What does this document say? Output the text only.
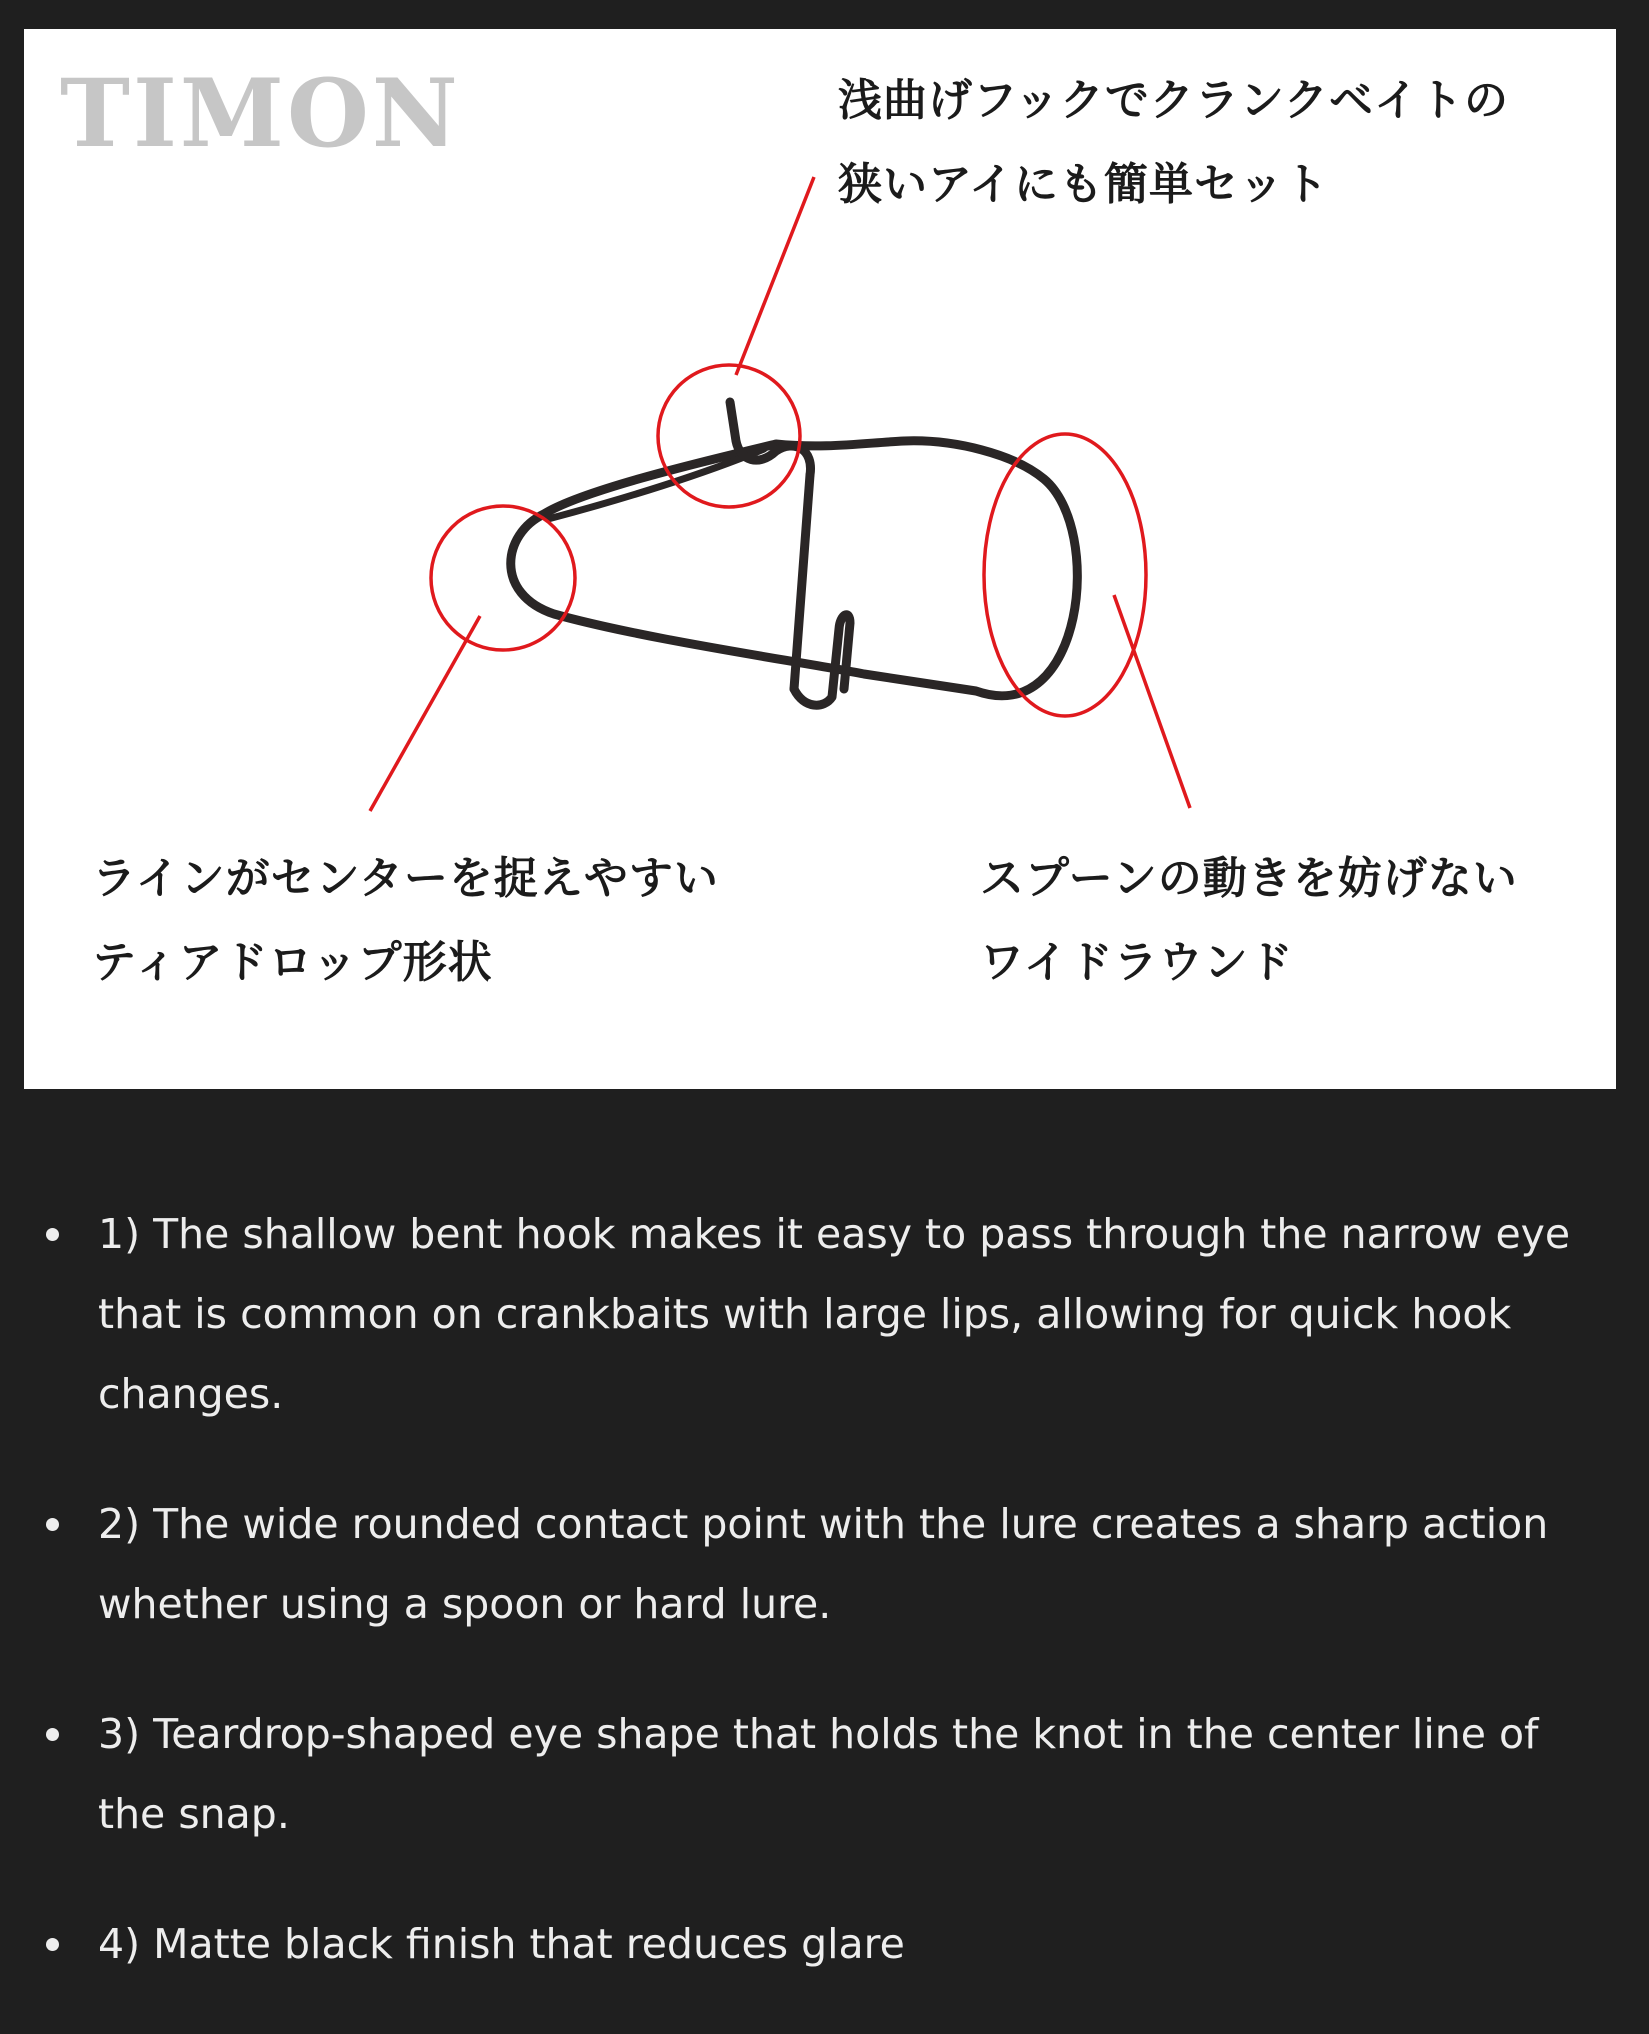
TIMON	浅曲げフックでクランクベイトの
狭いアイにも簡単セット
ラインがセンターを捉えやすい
ティアドロップ形状
スプーンの動きを妨げない
ワイドラウンド
1) The shallow bent hook makes it easy to pass through the narrow eye that is common on crankbaits with large lips, allowing for quick hook changes.
2) The wide rounded contact point with the lure creates a sharp action whether using a spoon or hard lure.
3) Teardrop-shaped eye shape that holds the knot in the center line of the snap.
4) Matte black finish that reduces glare
